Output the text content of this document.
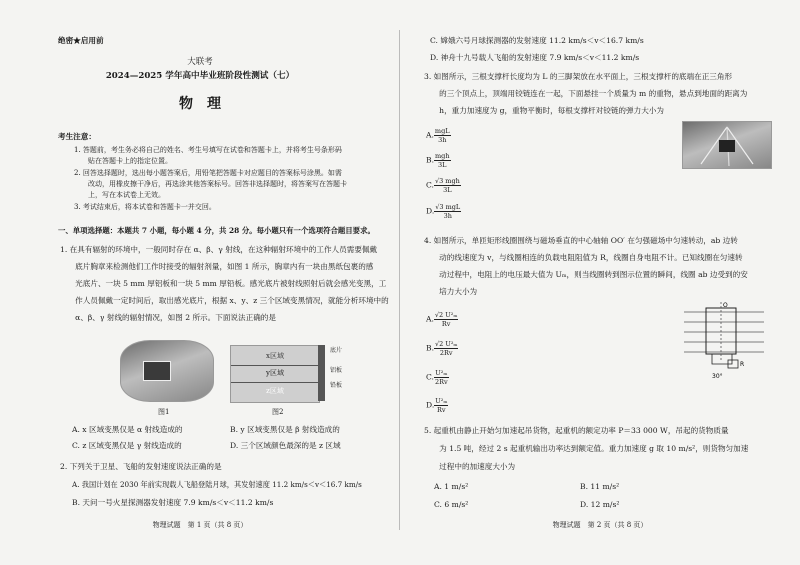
绝密★启用前
大联考
2024—2025 学年高中毕业班阶段性测试（七）
物　理
考生注意：
1. 答题前，考生务必将自己的姓名、考生号填写在试卷和答题卡上，并将考生号条形码
　　贴在答题卡上的指定位置。
2. 回答选择题时，选出每小题答案后，用铅笔把答题卡对应题目的答案标号涂黑。如需
　　改动，用橡皮擦干净后，再选涂其他答案标号。回答非选择题时，将答案写在答题卡
　　上，写在本试卷上无效。
3. 考试结束后，将本试卷和答题卡一并交回。
一、单项选择题：本题共 7 小题，每小题 4 分，共 28 分。每小题只有一个选项符合题目要求。
1. 在具有辐射的环境中，一般同时存在 α、β、γ 射线，在这种辐射环境中的工作人员需要佩戴
　　底片胸章来检测他们工作时接受的辐射剂量，如图 1 所示，胸章内有一块由黑纸包裹的感
　　光底片、一块 5 mm 厚铝板和一块 5 mm 厚铅板。感光底片被射线照射后就会感光变黑，工
　　作人员佩戴一定时间后，取出感光底片，根据 x、y、z 三个区域变黑情况，就能分析环境中的
　　α、β、γ 射线的辐射情况，如图 2 所示。下面说法正确的是
图1
x区域
y区域
z区域
底片
铝板
铅板
图2
A. x 区域变黑仅是 α 射线造成的	B. y 区域变黑仅是 β 射线造成的
C. z 区域变黑仅是 γ 射线造成的	D. 三个区域颜色最深的是 z 区域
2. 下列关于卫星、飞船的发射速度说法正确的是
A. 我国计划在 2030 年前实现载人飞船登陆月球，其发射速度 11.2 km/s＜v＜16.7 km/s
B. 天问一号火星探测器发射速度 7.9 km/s＜v＜11.2 km/s
物理试题　第 1 页（共 8 页）
C. 嫦娥六号月球探测器的发射速度 11.2 km/s＜v＜16.7 km/s
D. 神舟十九号载人飞船的发射速度 7.9 km/s＜v＜11.2 km/s
3. 如图所示，三根支撑杆长度均为 L 的三脚架放在水平面上，三根支撑杆的底端在正三角形
　　的三个顶点上，顶端用铰链连在一起，下面悬挂一个质量为 m 的重物，悬点到地面的距离为
　　h，重力加速度为 g，重物平衡时，每根支撑杆对铰链的弹力大小为
A. $\frac{\text{mgL}}{3h}$
B. $\frac{\text{mgh}}{3L}$
C. $\frac{\text{√3 mgh}}{3L}$
D. $\frac{\text{√3 mgL}}{3h}$
4. 如图所示，单匝矩形线圈围绕与磁场垂直的中心轴轴 OO′ 在匀强磁场中匀速转动，ab 边转
　　动的线速度为 v，与线圈相连的负载电阻阻值为 R，线圈自身电阻不计。已知线圈在匀速转
　　动过程中，电阻上的电压最大值为 Uₘ，则当线圈转到图示位置的瞬间，线圈 ab 边受到的安
　　培力大小为
A. $\frac{\text{√2 U²ₘ}}{Rv}$
B. $\frac{\text{√2 U²ₘ}}{2Rv}$
C. $\frac{\text{U²ₘ}}{2Rv}$
D. $\frac{\text{U²ₘ}}{Rv}$
O
R
30°
5. 起重机由静止开始匀加速起吊货物，起重机的额定功率 P＝33 000 W，吊起的货物质量
　　为 1.5 吨，经过 2 s 起重机输出功率达到额定值。重力加速度 g 取 10 m/s²，则货物匀加速
　　过程中的加速度大小为
A. 1 m/s²	B. 11 m/s²
C. 6 m/s²	D. 12 m/s²
物理试题　第 2 页（共 8 页）
